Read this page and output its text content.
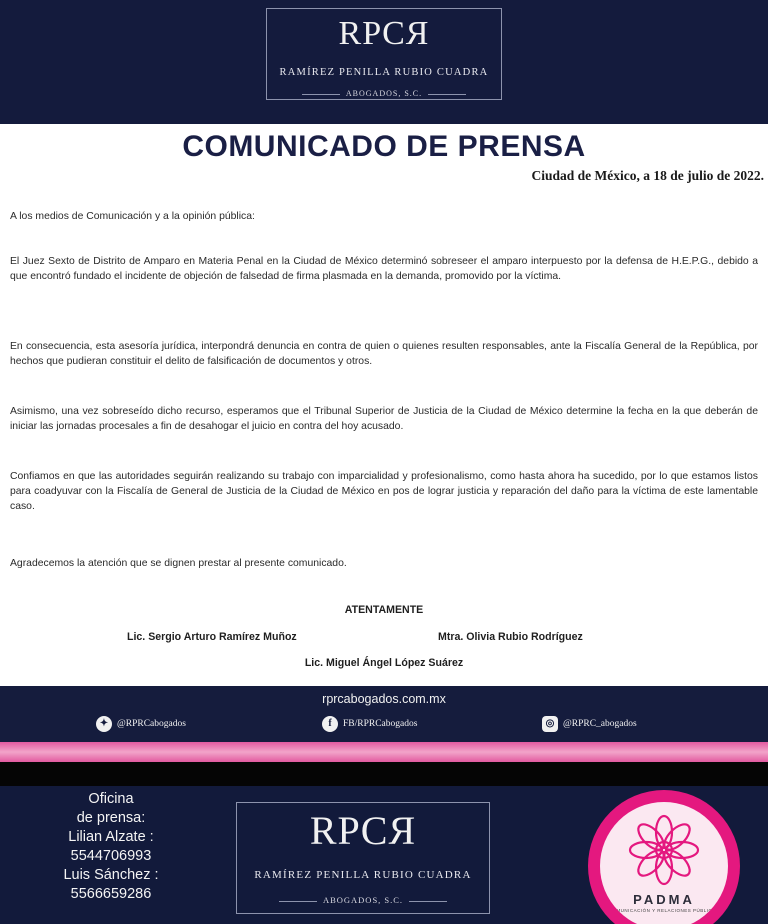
RPCЯ
RAMÍREZ PENILLA RUBIO CUADRA
ABOGADOS, S.C.
COMUNICADO DE PRENSA
Ciudad de México, a 18 de julio de 2022.
A los medios de Comunicación y a la opinión pública:
El Juez Sexto de Distrito de Amparo en Materia Penal en la Ciudad de México determinó sobreseer el amparo interpuesto por la defensa de H.E.P.G., debido a que encontró fundado el incidente de objeción de falsedad de firma plasmada en la demanda, promovido por la víctima.
En consecuencia, esta asesoría jurídica, interpondrá denuncia en contra de quien o quienes resulten responsables, ante la Fiscalía General de la República, por hechos que pudieran constituir el delito de falsificación de documentos y otros.
Asimismo, una vez sobreseído dicho recurso, esperamos que el Tribunal Superior de Justicia de la Ciudad de México determine la fecha en la que deberán de iniciar las jornadas procesales a fin de desahogar el juicio en contra del hoy acusado.
Confiamos en que las autoridades seguirán realizando su trabajo con imparcialidad y profesionalismo, como hasta ahora ha sucedido, por lo que estamos listos para coadyuvar con la Fiscalía de General de Justicia de la Ciudad de México en pos de lograr justicia y reparación del daño para la víctima de este lamentable caso.
Agradecemos la atención que se dignen prestar al presente comunicado.
ATENTAMENTE
Lic. Sergio Arturo Ramírez Muñoz	Mtra. Olivia Rubio Rodríguez
Lic. Miguel Ángel López Suárez
rprcabogados.com.mx
✦ @RPRCabogados	f	FB/RPRCabogados	◎ @RPRC_abogados
Oficina
de prensa:
Lilian Alzate :
5544706993
Luis Sánchez :
5566659286
RPCЯ
RAMÍREZ PENILLA RUBIO CUADRA
ABOGADOS, S.C.	PADMA
COMUNICACIÓN Y RELACIONES PÚBLICAS
